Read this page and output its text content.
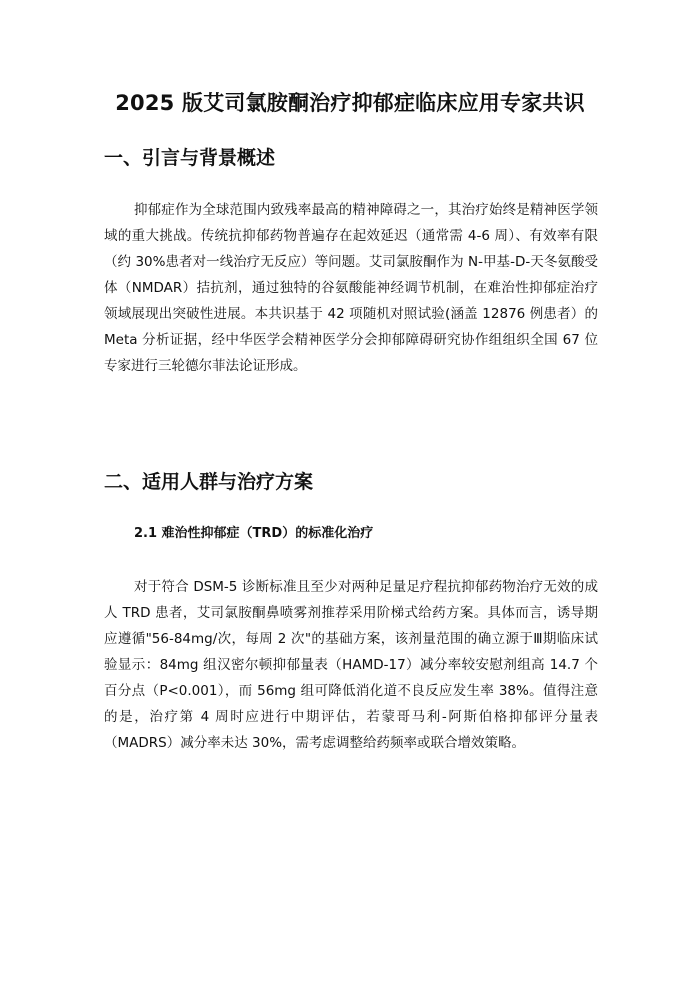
2025 版艾司氯胺酮治疗抑郁症临床应用专家共识
一、引言与背景概述

抑郁症作为全球范围内致残率最高的精神障碍之一，其治疗始终是精神医学领域的重大挑战。传统抗抑郁药物普遍存在起效延迟（通常需 4-6 周）、有效率有限（约 30%患者对一线治疗无反应）等问题。艾司氯胺酮作为 N-甲基-D-天冬氨酸受体（NMDAR）拮抗剂，通过独特的谷氨酸能神经调节机制，在难治性抑郁症治疗领域展现出突破性进展。本共识基于 42 项随机对照试验(涵盖 12876 例患者）的 Meta 分析证据，经中华医学会精神医学分会抑郁障碍研究协作组组织全国 67 位专家进行三轮德尔菲法论证形成。

二、适用人群与治疗方案
2.1 难治性抑郁症（TRD）的标准化治疗

对于符合 DSM-5 诊断标准且至少对两种足量足疗程抗抑郁药物治疗无效的成人 TRD 患者，艾司氯胺酮鼻喷雾剂推荐采用阶梯式给药方案。具体而言，诱导期应遵循"56-84mg/次，每周 2 次"的基础方案，该剂量范围的确立源于Ⅲ期临床试验显示：84mg 组汉密尔顿抑郁量表（HAMD-17）减分率较安慰剂组高 14.7 个百分点（P<0.001），而 56mg 组可降低消化道不良反应发生率 38%。值得注意的是，治疗第 4 周时应进行中期评估，若蒙哥马利-阿斯伯格抑郁评分量表（MADRS）减分率未达 30%，需考虑调整给药频率或联合增效策略。
